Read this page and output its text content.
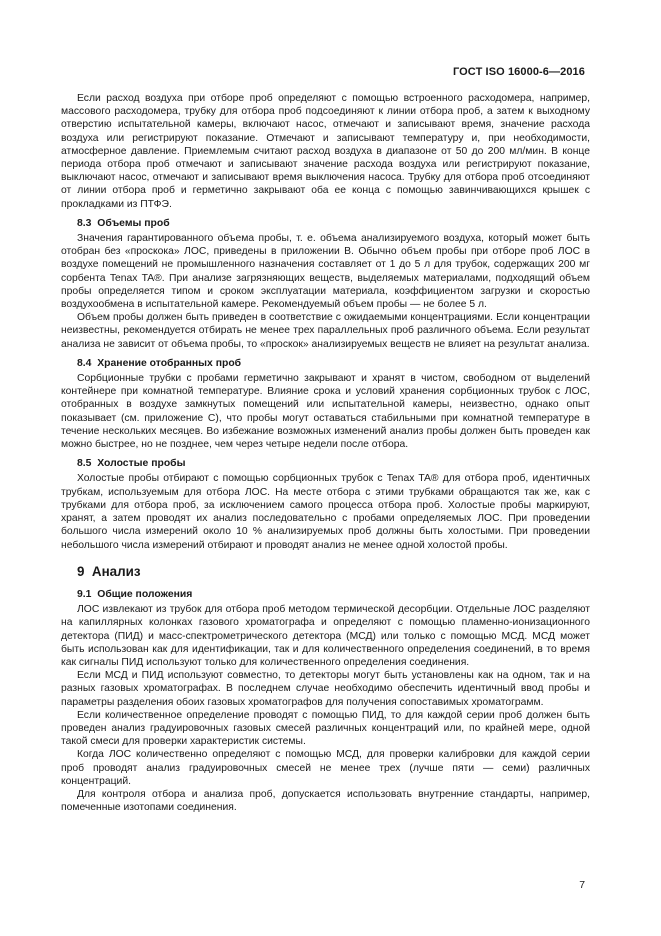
ГОСТ ISO 16000-6—2016

Если расход воздуха при отборе проб определяют с помощью встроенного расходомера, например, массового расходомера, трубку для отбора проб подсоединяют к линии отбора проб, а затем к выходному отверстию испытательной камеры, включают насос, отмечают и записывают время, значение расхода воздуха или регистрируют показание. Отмечают и записывают температуру и, при необходимости, атмосферное давление. Приемлемым считают расход воздуха в диапазоне от 50 до 200 мл/мин. В конце периода отбора проб отмечают и записывают значение расхода воздуха или регистрируют показание, выключают насос, отмечают и записывают время выключения насоса. Трубку для отбора проб отсоединяют от линии отбора проб и герметично закрывают оба ее конца с помощью завинчивающихся крышек с прокладками из ПТФЭ.

8.3 Объемы проб

Значения гарантированного объема пробы, т. е. объема анализируемого воздуха, который может быть отобран без «проскока» ЛОС, приведены в приложении В. Обычно объем пробы при отборе проб ЛОС в воздухе помещений не промышленного назначения составляет от 1 до 5 л для трубок, содержащих 200 мг сорбента Tenax TA®. При анализе загрязняющих веществ, выделяемых материалами, подходящий объем пробы определяется типом и сроком эксплуатации материала, коэффициентом загрузки и скоростью воздухообмена в испытательной камере. Рекомендуемый объем пробы — не более 5 л.

Объем пробы должен быть приведен в соответствие с ожидаемыми концентрациями. Если концентрации неизвестны, рекомендуется отбирать не менее трех параллельных проб различного объема. Если результат анализа не зависит от объема пробы, то «проскок» анализируемых веществ не влияет на результат анализа.

8.4 Хранение отобранных проб

Сорбционные трубки с пробами герметично закрывают и хранят в чистом, свободном от выделений контейнере при комнатной температуре. Влияние срока и условий хранения сорбционных трубок с ЛОС, отобранных в воздухе замкнутых помещений или испытательной камеры, неизвестно, однако опыт показывает (см. приложение С), что пробы могут оставаться стабильными при комнатной температуре в течение нескольких месяцев. Во избежание возможных изменений анализ пробы должен быть проведен как можно быстрее, но не позднее, чем через четыре недели после отбора.

8.5 Холостые пробы

Холостые пробы отбирают с помощью сорбционных трубок с Tenax TA® для отбора проб, идентичных трубкам, используемым для отбора ЛОС. На месте отбора с этими трубками обращаются так же, как с трубками для отбора проб, за исключением самого процесса отбора проб. Холостые пробы маркируют, хранят, а затем проводят их анализ последовательно с пробами определяемых ЛОС. При проведении большого числа измерений около 10 % анализируемых проб должны быть холостыми. При проведении небольшого числа измерений отбирают и проводят анализ не менее одной холостой пробы.

9 Анализ
9.1 Общие положения

ЛОС извлекают из трубок для отбора проб методом термической десорбции. Отдельные ЛОС разделяют на капиллярных колонках газового хроматографа и определяют с помощью пламенно-ионизационного детектора (ПИД) и масс-спектрометрического детектора (МСД) или только с помощью МСД. МСД может быть использован как для идентификации, так и для количественного определения соединений, в то время как сигналы ПИД используют только для количественного определения соединения.

Если МСД и ПИД используют совместно, то детекторы могут быть установлены как на одном, так и на разных газовых хроматографах. В последнем случае необходимо обеспечить идентичный ввод пробы и параметры разделения обоих газовых хроматографов для получения сопоставимых хроматограмм.

Если количественное определение проводят с помощью ПИД, то для каждой серии проб должен быть проведен анализ градуировочных газовых смесей различных концентраций или, по крайней мере, одной такой смеси для проверки характеристик системы.

Когда ЛОС количественно определяют с помощью МСД, для проверки калибровки для каждой серии проб проводят анализ градуировочных смесей не менее трех (лучше пяти — семи) различных концентраций.

Для контроля отбора и анализа проб, допускается использовать внутренние стандарты, например, помеченные изотопами соединения.

7
